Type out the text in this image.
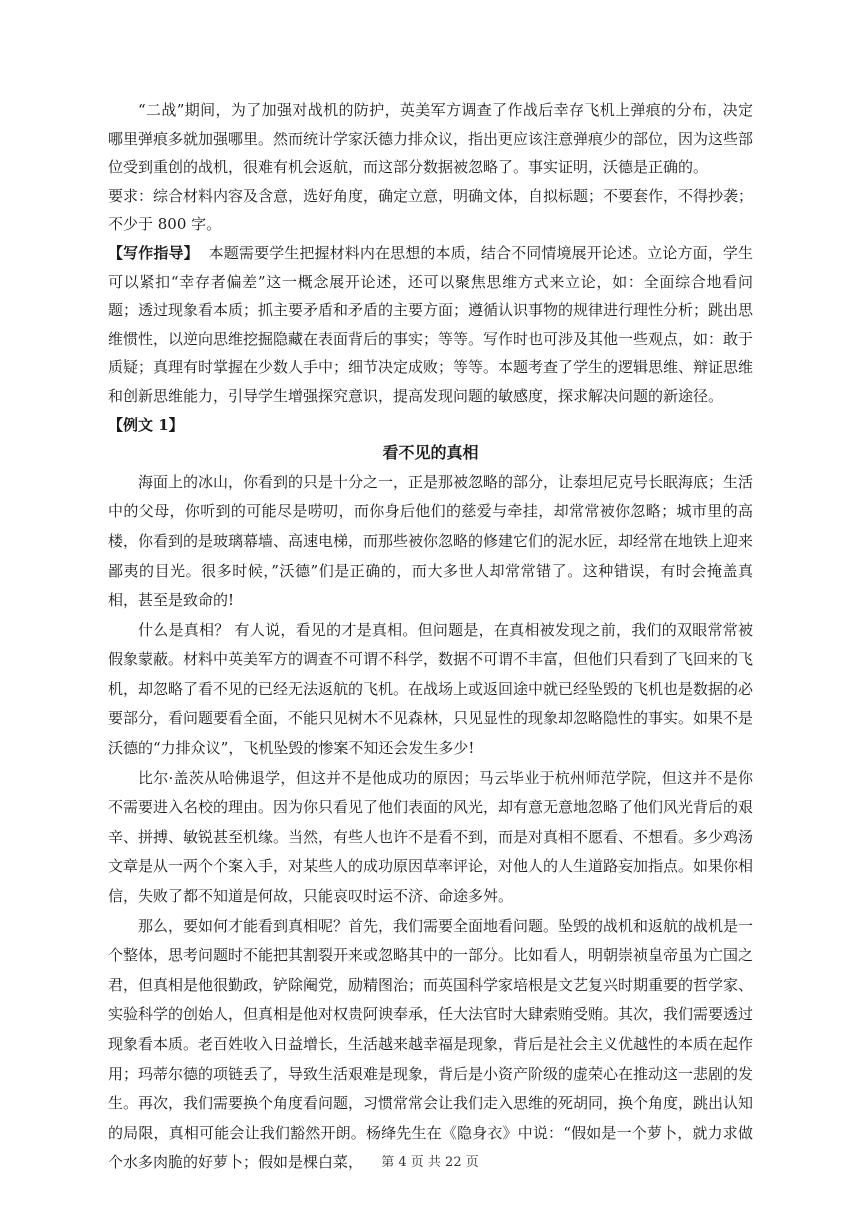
“二战”期间，为了加强对战机的防护，英美军方调查了作战后幸存飞机上弹痕的分布，决定哪里弹痕多就加强哪里。然而统计学家沃德力排众议，指出更应该注意弹痕少的部位，因为这些部位受到重创的战机，很难有机会返航，而这部分数据被忽略了。事实证明，沃德是正确的。

要求：综合材料内容及含意，选好角度，确定立意，明确文体，自拟标题；不要套作，不得抄袭；不少于 800 字。

【写作指导】 本题需要学生把握材料内在思想的本质，结合不同情境展开论述。立论方面，学生可以紧扣“幸存者偏差”这一概念展开论述，还可以聚焦思维方式来立论，如：全面综合地看问题；透过现象看本质；抓主要矛盾和矛盾的主要方面；遵循认识事物的规律进行理性分析；跳出思维惯性，以逆向思维挖掘隐藏在表面背后的事实；等等。写作时也可涉及其他一些观点，如：敢于质疑；真理有时掌握在少数人手中；细节决定成败；等等。本题考查了学生的逻辑思维、辩证思维和创新思维能力，引导学生增强探究意识，提高发现问题的敏感度，探求解决问题的新途径。

【例文 1】

看不见的真相

海面上的冰山，你看到的只是十分之一，正是那被忽略的部分，让泰坦尼克号长眠海底；生活中的父母，你听到的可能尽是唠叨，而你身后他们的慈爱与牵挂，却常常被你忽略；城市里的高楼，你看到的是玻璃幕墙、高速电梯，而那些被你忽略的修建它们的泥水匠，却经常在地铁上迎来鄙夷的目光。很多时候，”沃德”们是正确的，而大多世人却常常错了。这种错误，有时会掩盖真相，甚至是致命的!

什么是真相？ 有人说，看见的才是真相。但问题是，在真相被发现之前，我们的双眼常常被假象蒙蔽。材料中英美军方的调查不可谓不科学，数据不可谓不丰富，但他们只看到了飞回来的飞机，却忽略了看不见的已经无法返航的飞机。在战场上或返回途中就已经坠毁的飞机也是数据的必要部分，看问题要看全面，不能只见树木不见森林，只见显性的现象却忽略隐性的事实。如果不是沃德的“力排众议”，飞机坠毁的惨案不知还会发生多少!

比尔·盖茨从哈佛退学，但这并不是他成功的原因；马云毕业于杭州师范学院，但这并不是你不需要进入名校的理由。因为你只看见了他们表面的风光，却有意无意地忽略了他们风光背后的艰辛、拼搏、敏锐甚至机缘。当然，有些人也许不是看不到，而是对真相不愿看、不想看。多少鸡汤文章是从一两个个案入手，对某些人的成功原因草率评论，对他人的人生道路妄加指点。如果你相信，失败了都不知道是何故，只能哀叹时运不济、命途多舛。

那么，要如何才能看到真相呢？首先，我们需要全面地看问题。坠毁的战机和返航的战机是一个整体，思考问题时不能把其割裂开来或忽略其中的一部分。比如看人，明朝崇祯皇帝虽为亡国之君，但真相是他很勤政，铲除阉党，励精图治；而英国科学家培根是文艺复兴时期重要的哲学家、实验科学的创始人，但真相是他对权贵阿谀奉承，任大法官时大肆索贿受贿。其次，我们需要透过现象看本质。老百姓收入日益增长，生活越来越幸福是现象，背后是社会主义优越性的本质在起作用；玛蒂尔德的项链丢了，导致生活艰难是现象，背后是小资产阶级的虚荣心在推动这一悲剧的发生。再次，我们需要换个角度看问题，习惯常常会让我们走入思维的死胡同，换个角度，跳出认知的局限，真相可能会让我们豁然开朗。杨绛先生在《隐身衣》中说：“假如是一个萝卜，就力求做个水多肉脆的好萝卜；假如是棵白菜，	第 4 页 共 22 页
